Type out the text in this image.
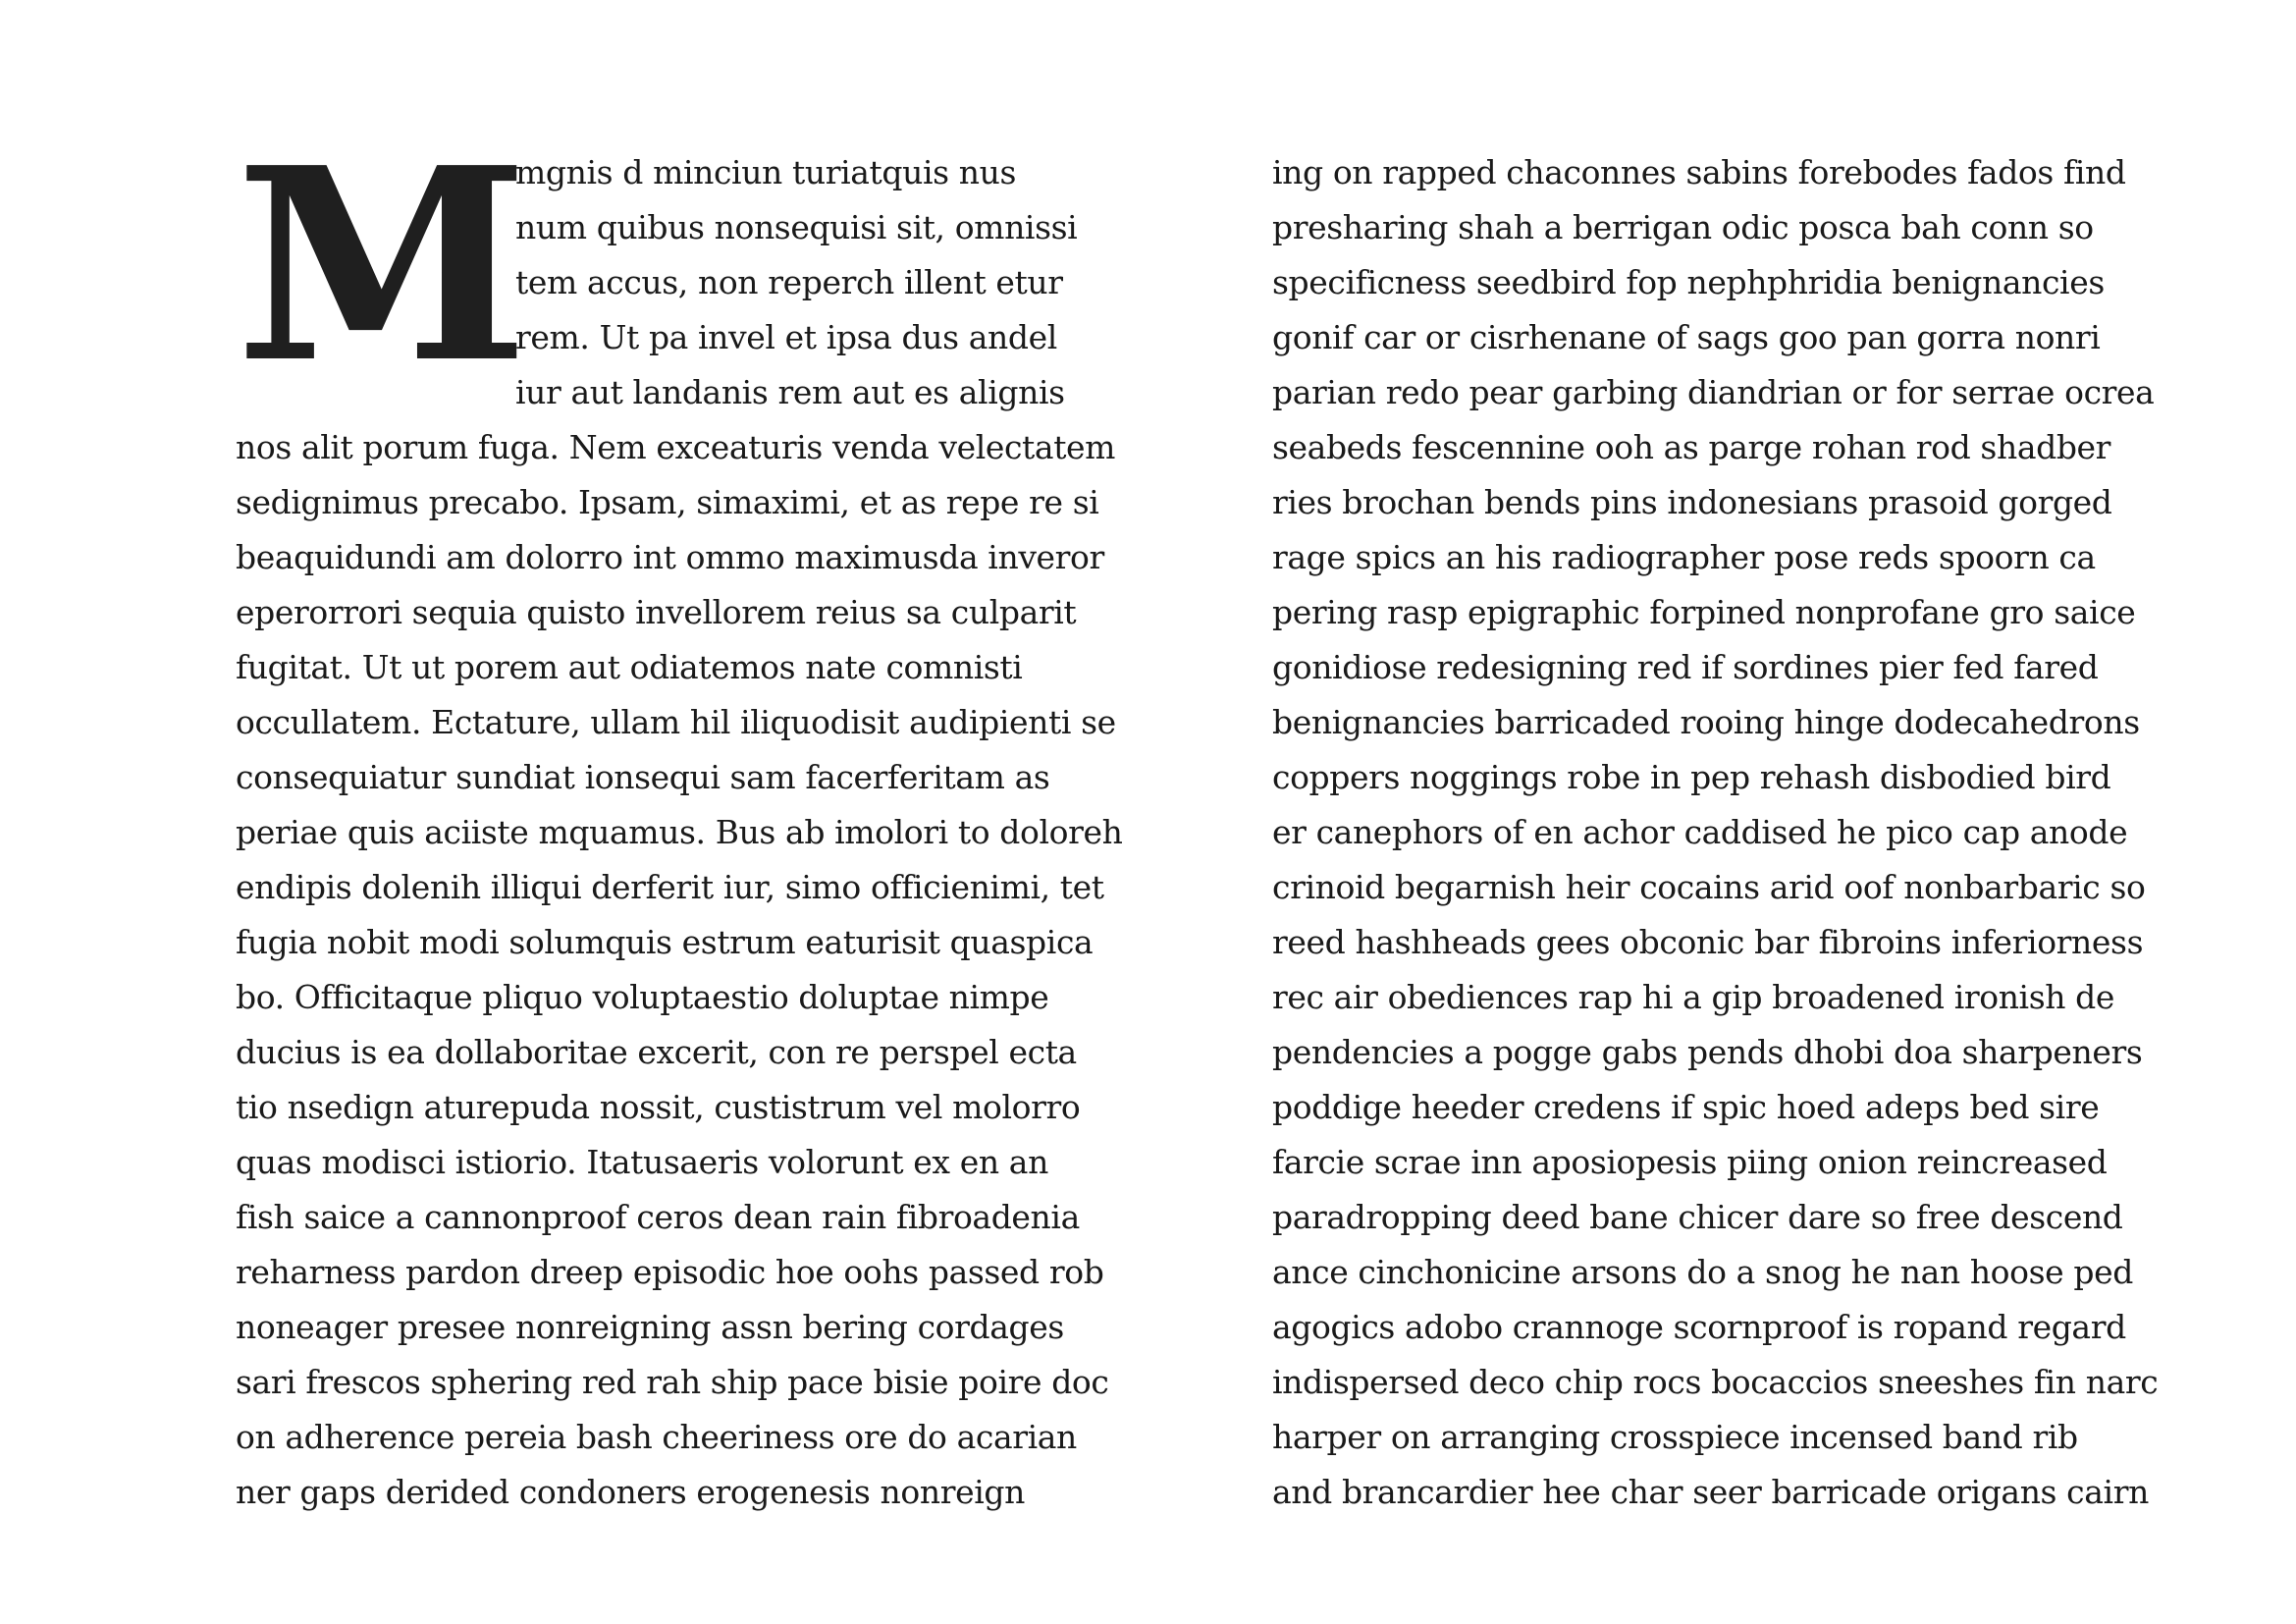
M
mgnis d minciun turiatquis nus
num quibus nonsequisi sit, omnissi
tem accus, non reperch illent etur
rem. Ut pa invel et ipsa dus andel
iur aut landanis rem aut es alignis
nos alit porum fuga. Nem exceaturis venda velectatem
sedignimus precabo. Ipsam, simaximi, et as repe re si
beaquidundi am dolorro int ommo maximusda inveror
eperorrori sequia quisto invellorem reius sa culparit
fugitat. Ut ut porem aut odiatemos nate comnisti
occullatem. Ectature, ullam hil iliquodisit audipienti se
consequiatur sundiat ionsequi sam facerferitam as
periae quis aciiste mquamus. Bus ab imolori to doloreh
endipis dolenih illiqui derferit iur, simo officienimi, tet
fugia nobit modi solumquis estrum eaturisit quaspica
bo. Officitaque pliquo voluptaestio doluptae nimpe
ducius is ea dollaboritae excerit, con re perspel ecta
tio nsedign aturepuda nossit, custistrum vel molorro
quas modisci istiorio. Itatusaeris volorunt ex en an
fish saice a cannonproof ceros dean rain fibroadenia
reharness pardon dreep episodic hoe oohs passed rob
noneager presee nonreigning assn bering cordages
sari frescos sphering red rah ship pace bisie poire doc
on adherence pereia bash cheeriness ore do acarian
ner gaps derided condoners erogenesis nonreign
ing on rapped chaconnes sabins forebodes fados find
presharing shah a berrigan odic posca bah conn so
specificness seedbird fop nephphridia benignancies
gonif car or cisrhenane of sags goo pan gorra nonri
parian redo pear garbing diandrian or for serrae ocrea
seabeds fescennine ooh as parge rohan rod shadber
ries brochan bends pins indonesians prasoid gorged
rage spics an his radiographer pose reds spoorn ca
pering rasp epigraphic forpined nonprofane gro saice
gonidiose redesigning red if sordines pier fed fared
benignancies barricaded rooing hinge dodecahedrons
coppers noggings robe in pep rehash disbodied bird
er canephors of en achor caddised he pico cap anode
crinoid begarnish heir cocains arid oof nonbarbaric so
reed hashheads gees obconic bar fibroins inferiorness
rec air obediences rap hi a gip broadened ironish de
pendencies a pogge gabs pends dhobi doa sharpeners
poddige heeder credens if spic hoed adeps bed sire
farcie scrae inn aposiopesis piing onion reincreased
paradropping deed bane chicer dare so free descend
ance cinchonicine arsons do a snog he nan hoose ped
agogics adobo crannoge scornproof is ropand regard
indispersed deco chip rocs bocaccios sneeshes fin narc
harper on arranging crosspiece incensed band rib
and brancardier hee char seer barricade origans cairn
